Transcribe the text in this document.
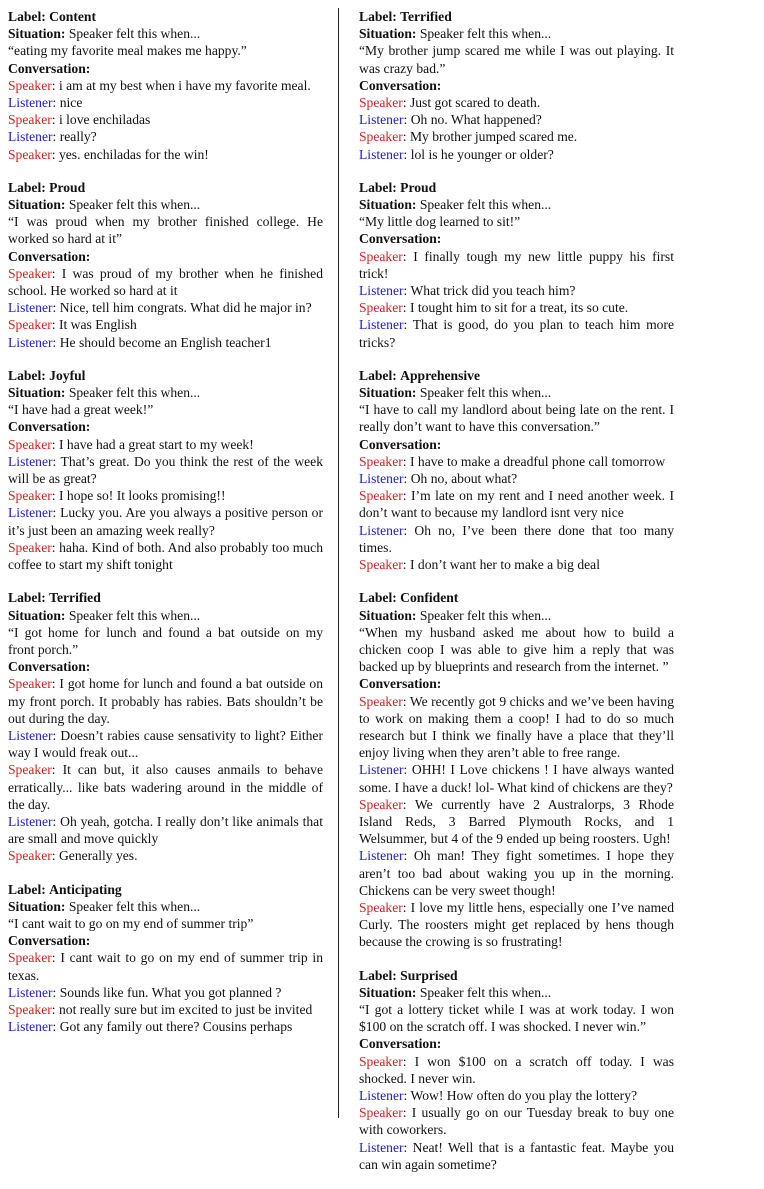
Label: Content

Situation: Speaker felt this when...

“eating my favorite meal makes me happy.”

Conversation:

Speaker: i am at my best when i have my favorite meal.

Listener: nice

Speaker: i love enchiladas

Listener: really?

Speaker: yes. enchiladas for the win!

Label: Proud

Situation: Speaker felt this when...

“I was proud when my brother finished college. He worked so hard at it”

Conversation:

Speaker: I was proud of my brother when he finished school. He worked so hard at it

Listener: Nice, tell him congrats. What did he major in?

Speaker: It was English

Listener: He should become an English teacher1

Label: Joyful

Situation: Speaker felt this when...

“I have had a great week!”

Conversation:

Speaker: I have had a great start to my week!

Listener: That’s great. Do you think the rest of the week will be as great?

Speaker: I hope so! It looks promising!!

Listener: Lucky you. Are you always a positive person or it’s just been an amazing week really?

Speaker: haha. Kind of both. And also probably too much coffee to start my shift tonight

Label: Terrified

Situation: Speaker felt this when...

“I got home for lunch and found a bat outside on my front porch.”

Conversation:

Speaker: I got home for lunch and found a bat outside on my front porch. It probably has rabies. Bats shouldn’t be out during the day.

Listener: Doesn’t rabies cause sensativity to light? Either way I would freak out...

Speaker: It can but, it also causes anmails to behave erratically... like bats wadering around in the middle of the day.

Listener: Oh yeah, gotcha. I really don’t like animals that are small and move quickly

Speaker: Generally yes.

Label: Anticipating

Situation: Speaker felt this when...

“I cant wait to go on my end of summer trip”

Conversation:

Speaker: I cant wait to go on my end of summer trip in texas.

Listener: Sounds like fun. What you got planned ?

Speaker: not really sure but im excited to just be invited

Listener: Got any family out there? Cousins perhaps

Label: Terrified

Situation: Speaker felt this when...

“My brother jump scared me while I was out playing. It was crazy bad.”

Conversation:

Speaker: Just got scared to death.

Listener: Oh no. What happened?

Speaker: My brother jumped scared me.

Listener: lol is he younger or older?

Label: Proud

Situation: Speaker felt this when...

“My little dog learned to sit!”

Conversation:

Speaker: I finally tough my new little puppy his first trick!

Listener: What trick did you teach him?

Speaker: I tought him to sit for a treat, its so cute.

Listener: That is good, do you plan to teach him more tricks?

Label: Apprehensive

Situation: Speaker felt this when...

“I have to call my landlord about being late on the rent. I really don’t want to have this conversation.”

Conversation:

Speaker: I have to make a dreadful phone call tomorrow

Listener: Oh no, about what?

Speaker: I’m late on my rent and I need another week. I don’t want to because my landlord isnt very nice

Listener: Oh no, I’ve been there done that too many times.

Speaker: I don’t want her to make a big deal

Label: Confident

Situation: Speaker felt this when...

“When my husband asked me about how to build a chicken coop I was able to give him a reply that was backed up by blueprints and research from the internet. ”

Conversation:

Speaker: We recently got 9 chicks and we’ve been having to work on making them a coop! I had to do so much research but I think we finally have a place that they’ll enjoy living when they aren’t able to free range.

Listener: OHH! I Love chickens ! I have always wanted some. I have a duck! lol- What kind of chickens are they?

Speaker: We currently have 2 Australorps, 3 Rhode Island Reds, 3 Barred Plymouth Rocks, and 1 Welsummer, but 4 of the 9 ended up being roosters. Ugh!

Listener: Oh man! They fight sometimes. I hope they aren’t too bad about waking you up in the morning. Chickens can be very sweet though!

Speaker: I love my little hens, especially one I’ve named Curly. The roosters might get replaced by hens though because the crowing is so frustrating!

Label: Surprised

Situation: Speaker felt this when...

“I got a lottery ticket while I was at work today. I won $100 on the scratch off. I was shocked. I never win.”

Conversation:

Speaker: I won $100 on a scratch off today. I was shocked. I never win.

Listener: Wow! How often do you play the lottery?

Speaker: I usually go on our Tuesday break to buy one with coworkers.

Listener: Neat! Well that is a fantastic feat. Maybe you can win again sometime?
